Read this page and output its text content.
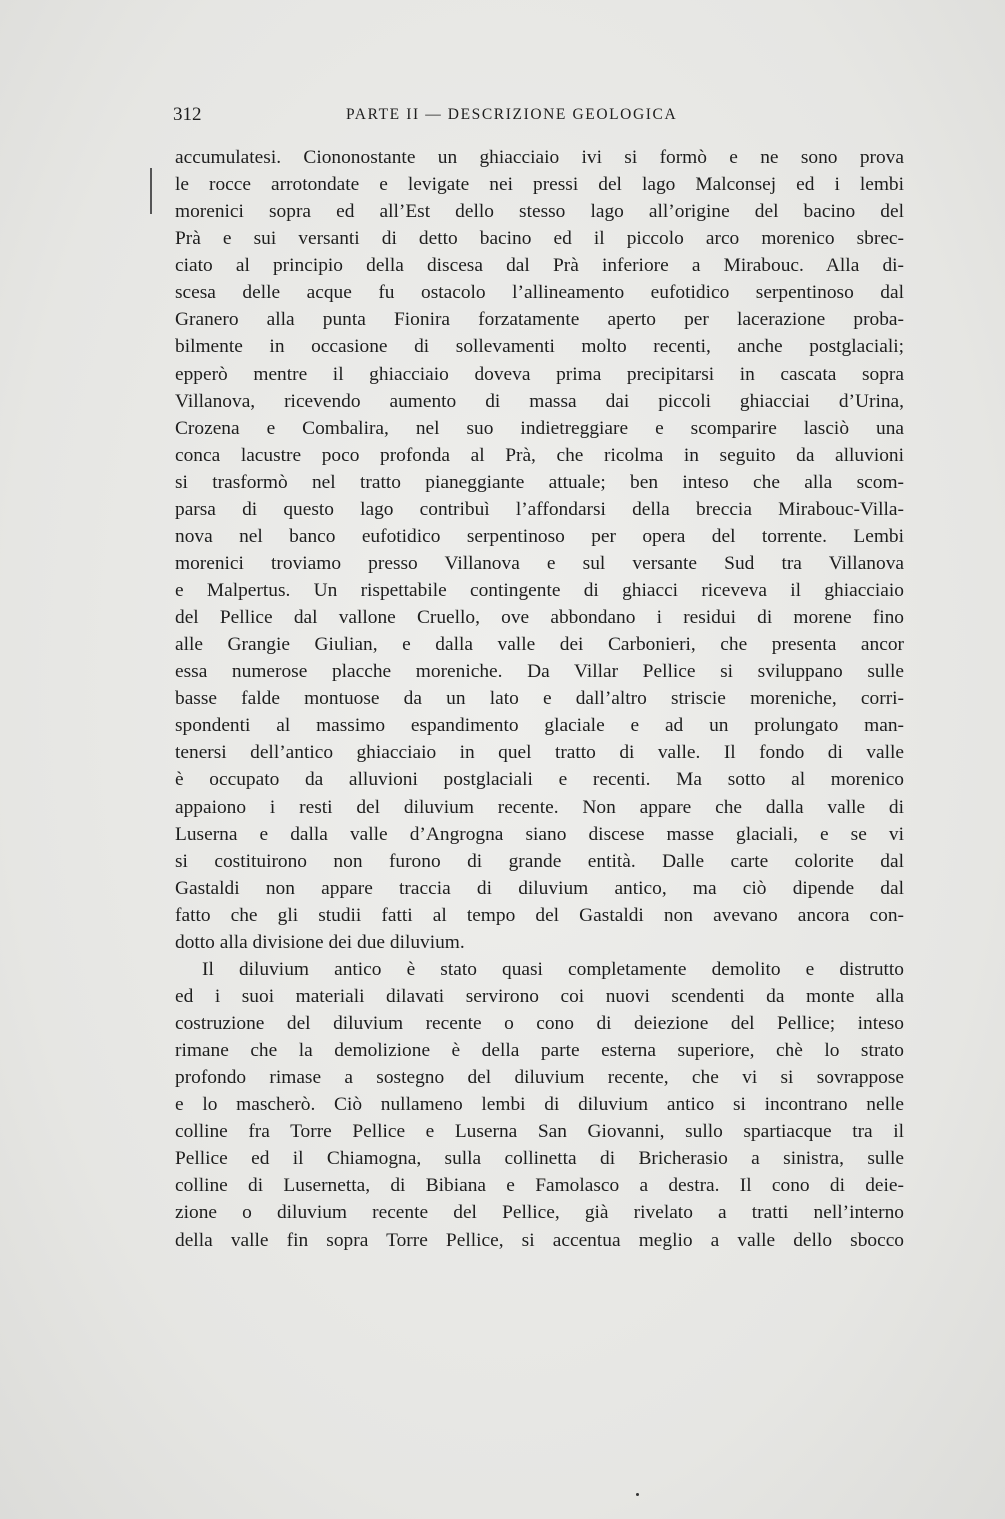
312	PARTE II — DESCRIZIONE GEOLOGICA
accumulatesi. Ciononostante un ghiacciaio ivi si formò e ne sono prova
le rocce arrotondate e levigate nei pressi del lago Malconsej ed i lembi
morenici sopra ed all’Est dello stesso lago all’origine del bacino del
Prà e sui versanti di detto bacino ed il piccolo arco morenico sbrec-
ciato al principio della discesa dal Prà inferiore a Mirabouc. Alla di-
scesa delle acque fu ostacolo l’allineamento eufotidico serpentinoso dal
Granero alla punta Fionira forzatamente aperto per lacerazione proba-
bilmente in occasione di sollevamenti molto recenti, anche postglaciali;
epperò mentre il ghiacciaio doveva prima precipitarsi in cascata sopra
Villanova, ricevendo aumento di massa dai piccoli ghiacciai d’Urina,
Crozena e Combalira, nel suo indietreggiare e scomparire lasciò una
conca lacustre poco profonda al Prà, che ricolma in seguito da alluvioni
si trasformò nel tratto pianeggiante attuale; ben inteso che alla scom-
parsa di questo lago contribuì l’affondarsi della breccia Mirabouc-Villa-
nova nel banco eufotidico serpentinoso per opera del torrente. Lembi
morenici troviamo presso Villanova e sul versante Sud tra Villanova
e Malpertus. Un rispettabile contingente di ghiacci riceveva il ghiacciaio
del Pellice dal vallone Cruello, ove abbondano i residui di morene fino
alle Grangie Giulian, e dalla valle dei Carbonieri, che presenta ancor
essa numerose placche moreniche. Da Villar Pellice si sviluppano sulle
basse falde montuose da un lato e dall’altro striscie moreniche, corri-
spondenti al massimo espandimento glaciale e ad un prolungato man-
tenersi dell’antico ghiacciaio in quel tratto di valle. Il fondo di valle
è occupato da alluvioni postglaciali e recenti. Ma sotto al morenico
appaiono i resti del diluvium recente. Non appare che dalla valle di
Luserna e dalla valle d’Angrogna siano discese masse glaciali, e se vi
si costituirono non furono di grande entità. Dalle carte colorite dal
Gastaldi non appare traccia di diluvium antico, ma ciò dipende dal
fatto che gli studii fatti al tempo del Gastaldi non avevano ancora con-
dotto alla divisione dei due diluvium.
Il diluvium antico è stato quasi completamente demolito e distrutto
ed i suoi materiali dilavati servirono coi nuovi scendenti da monte alla
costruzione del diluvium recente o cono di deiezione del Pellice; inteso
rimane che la demolizione è della parte esterna superiore, chè lo strato
profondo rimase a sostegno del diluvium recente, che vi si sovrappose
e lo mascherò. Ciò nullameno lembi di diluvium antico si incontrano nelle
colline fra Torre Pellice e Luserna San Giovanni, sullo spartiacque tra il
Pellice ed il Chiamogna, sulla collinetta di Bricherasio a sinistra, sulle
colline di Lusernetta, di Bibiana e Famolasco a destra. Il cono di deie-
zione o diluvium recente del Pellice, già rivelato a tratti nell’interno
della valle fin sopra Torre Pellice, si accentua meglio a valle dello sbocco
